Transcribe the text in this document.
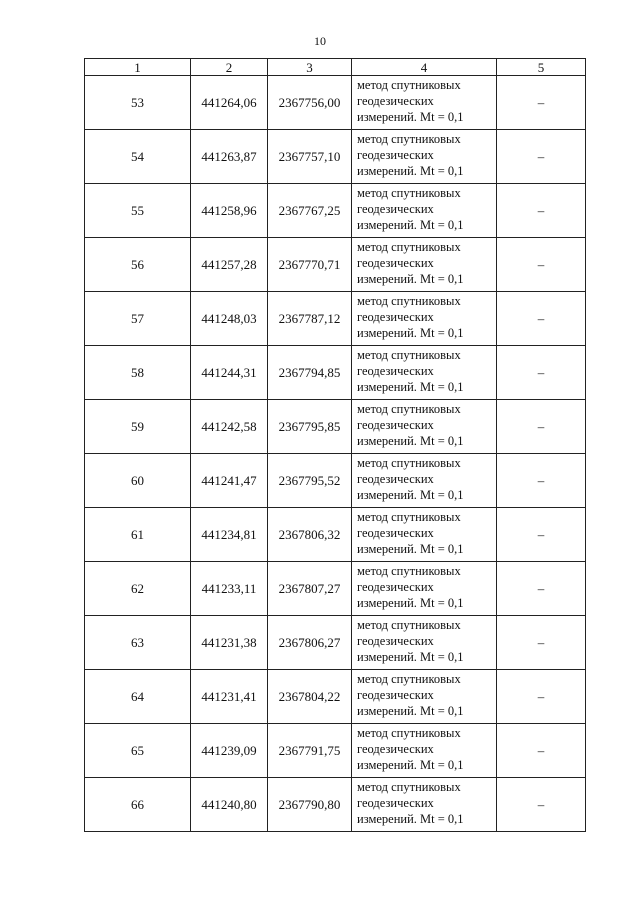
10
1	2	3	4	5
53	441264,06	2367756,00	метод спутниковых
геодезических
измерений. Mt = 0,1	–
54	441263,87	2367757,10	метод спутниковых
геодезических
измерений. Mt = 0,1	–
55	441258,96	2367767,25	метод спутниковых
геодезических
измерений. Mt = 0,1	–
56	441257,28	2367770,71	метод спутниковых
геодезических
измерений. Mt = 0,1	–
57	441248,03	2367787,12	метод спутниковых
геодезических
измерений. Mt = 0,1	–
58	441244,31	2367794,85	метод спутниковых
геодезических
измерений. Mt = 0,1	–
59	441242,58	2367795,85	метод спутниковых
геодезических
измерений. Mt = 0,1	–
60	441241,47	2367795,52	метод спутниковых
геодезических
измерений. Mt = 0,1	–
61	441234,81	2367806,32	метод спутниковых
геодезических
измерений. Mt = 0,1	–
62	441233,11	2367807,27	метод спутниковых
геодезических
измерений. Mt = 0,1	–
63	441231,38	2367806,27	метод спутниковых
геодезических
измерений. Mt = 0,1	–
64	441231,41	2367804,22	метод спутниковых
геодезических
измерений. Mt = 0,1	–
65	441239,09	2367791,75	метод спутниковых
геодезических
измерений. Mt = 0,1	–
66	441240,80	2367790,80	метод спутниковых
геодезических
измерений. Mt = 0,1	–
